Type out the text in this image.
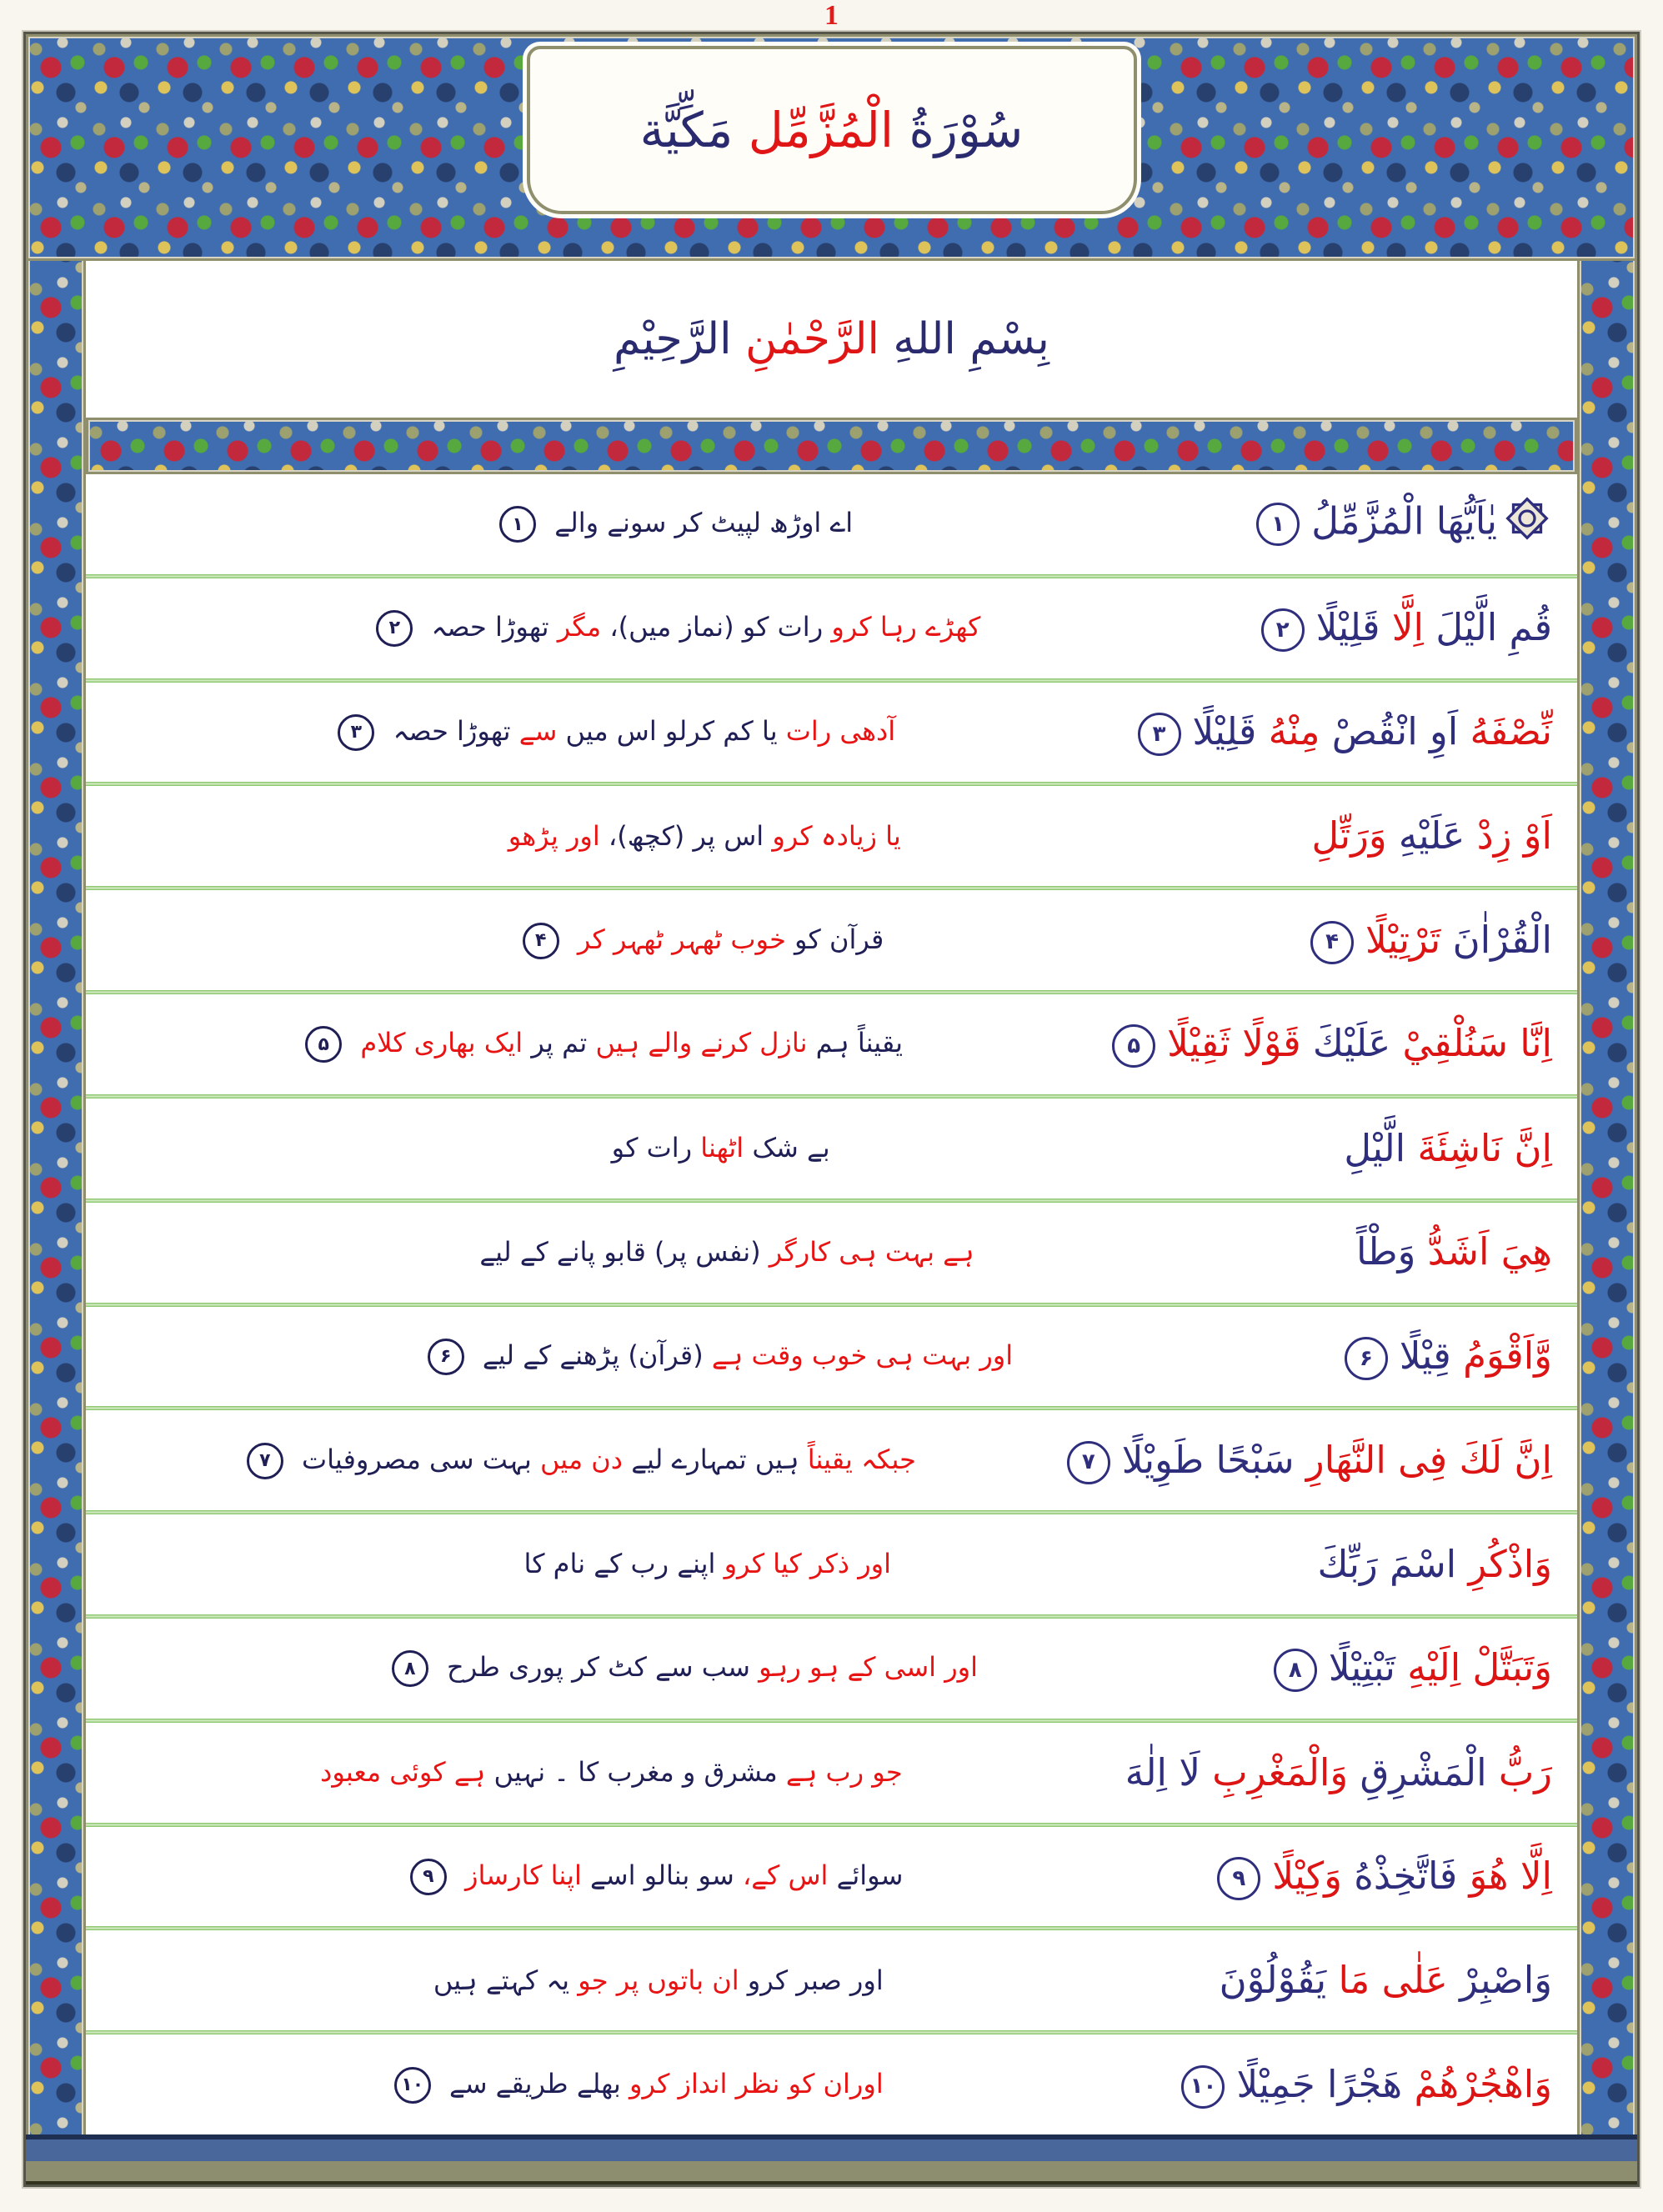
1
سُوْرَةُ الْمُزَّمِّل مَكِّيَّة
بِسْمِ اللهِ الرَّحْمٰنِ الرَّحِيْمِ
اے اوڑھ لپیٹ کر سونے والے ۱	يٰاَيُّهَا الْمُزَّمِّلُ۱
کھڑے رہا کرو رات کو (نماز میں)، مگر تھوڑا حصہ ۲	قُمِ الَّيْلَ اِلَّا قَلِيْلًا۲
آدھی رات یا کم کرلو اس میں سے تھوڑا حصہ ۳	نِّصْفَهُ اَوِ انْقُصْ مِنْهُ قَلِيْلًا۳
یا زیادہ کرو اس پر (کچھ)، اور پڑھو	اَوْ زِدْ عَلَيْهِ وَرَتِّلِ
قرآن کو خوب ٹھہر ٹھہر کر ۴	الْقُرْاٰنَ تَرْتِيْلًا۴
یقیناً ہم نازل کرنے والے ہیں تم پر ایک بھاری کلام ۵	اِنَّا سَنُلْقِيْ عَلَيْكَ قَوْلًا ثَقِيْلًا۵
بے شک اٹھنا رات کو	اِنَّ نَاشِئَةَ الَّيْلِ
ہے بہت ہی کارگر (نفس پر) قابو پانے کے لیے	هِيَ اَشَدُّ وَطْاً
اور بہت ہی خوب وقت ہے (قرآن) پڑھنے کے لیے ۶	وَّاَقْوَمُ قِيْلًا۶
جبکہ یقیناً ہیں تمہارے لیے دن میں بہت سی مصروفیات ۷	اِنَّ لَكَ فِى النَّهَارِ سَبْحًا طَوِيْلًا۷
اور ذکر کیا کرو اپنے رب کے نام کا	وَاذْكُرِ اسْمَ رَبِّكَ
اور اسی کے ہو رہو سب سے کٹ کر پوری طرح ۸	وَتَبَتَّلْ اِلَيْهِ تَبْتِيْلًا۸
جو رب ہے مشرق و مغرب کا ۔ نہیں ہے کوئی معبود	رَبُّ الْمَشْرِقِ وَالْمَغْرِبِ لَا اِلٰهَ
سوائے اس کے، سو بنالو اسے اپنا کارساز ۹	اِلَّا هُوَ فَاتَّخِذْهُ وَكِيْلًا۹
اور صبر کرو ان باتوں پر جو یہ کہتے ہیں	وَاصْبِرْ عَلٰى مَا يَقُوْلُوْنَ
اوران کو نظر انداز کرو بھلے طریقے سے ۱۰	وَاهْجُرْهُمْ هَجْرًا جَمِيْلًا۱۰
